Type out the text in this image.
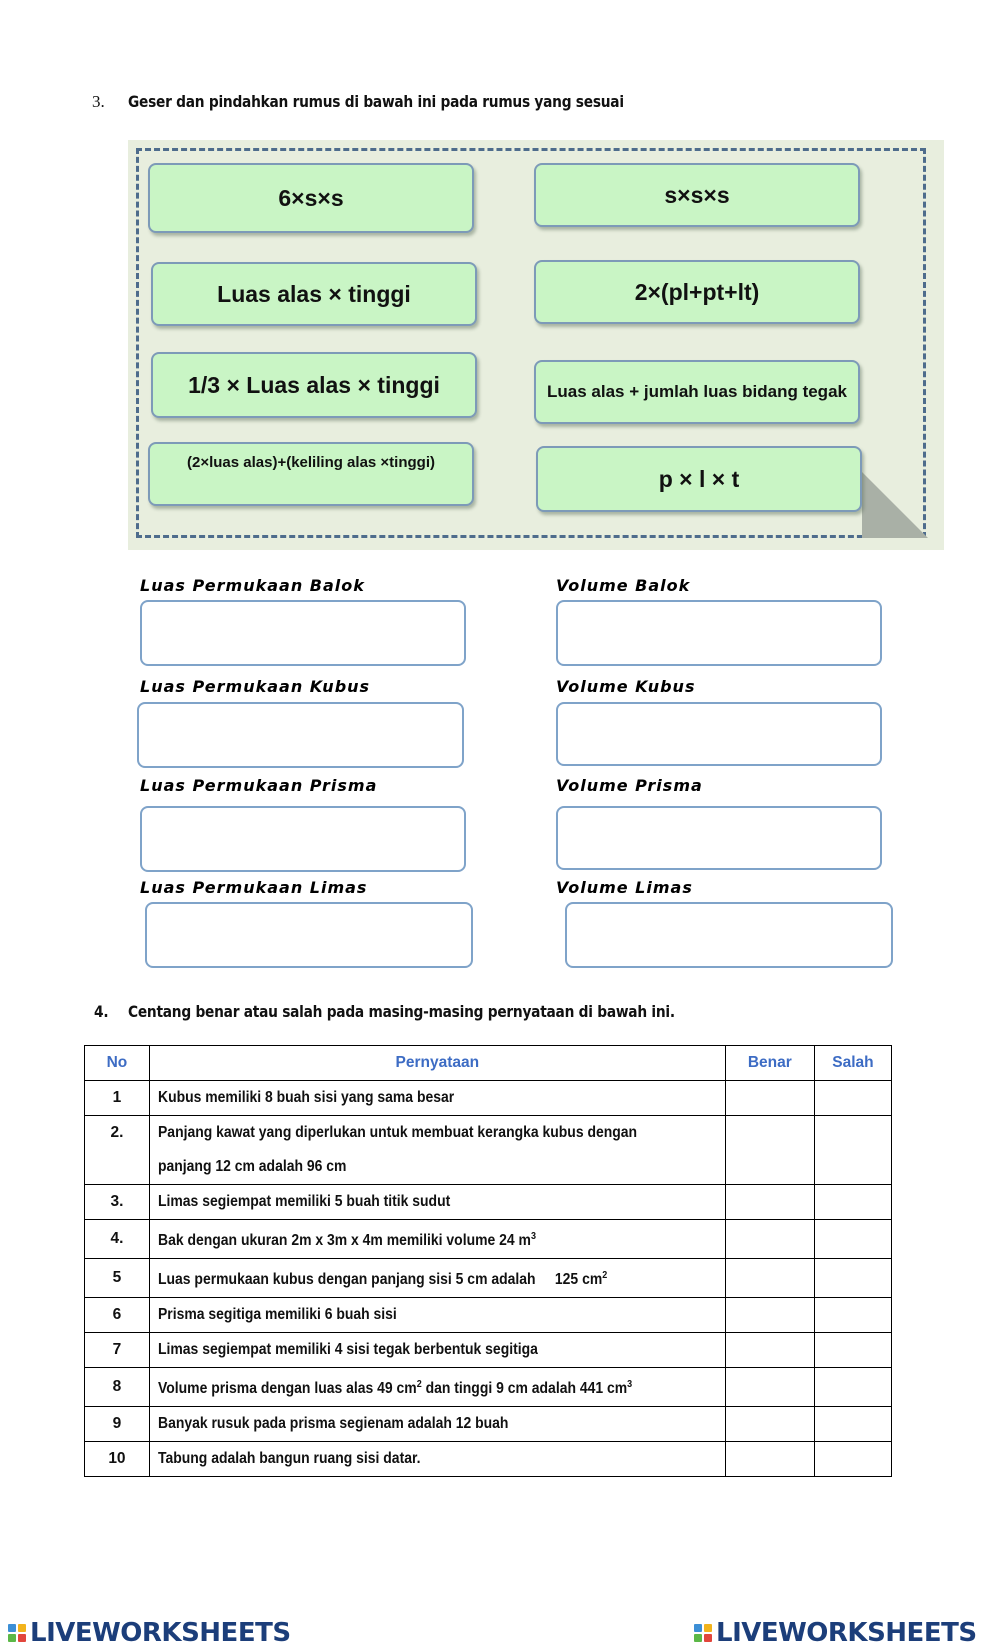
3. Geser dan pindahkan rumus di bawah ini pada rumus yang sesuai
6×s×s	s×s×s
Luas alas × tinggi	2×(pl+pt+lt)
1/3 × Luas alas × tinggi	Luas alas + jumlah luas bidang tegak
(2×luas alas)+(keliling alas ×tinggi)
p × l × t
Luas Permukaan Balok	Volume Balok
Luas Permukaan Kubus	Volume Kubus
Luas Permukaan Prisma	Volume Prisma
Luas Permukaan Limas	Volume Limas
4. Centang benar atau salah pada masing-masing pernyataan di bawah ini.
No	Pernyataan	Benar	Salah
1	Kubus memiliki 8 buah sisi yang sama besar		

2.	Panjang kawat yang diperlukan untuk membuat kerangka kubus dengan
panjang 12 cm adalah 96 cm		

3.	Limas segiempat memiliki 5 buah titik sudut		

4.	Bak dengan ukuran 2m x 3m x 4m memiliki volume 24 $m^3$

5	Luas permukaan kubus dengan panjang sisi 5 cm adalah     125 $cm^2$

6	Prisma segitiga memiliki 6 buah sisi		

7	Limas segiempat memiliki 4 sisi tegak berbentuk segitiga		

8	Volume prisma dengan luas alas 49 $cm^2$ dan tinggi 9 cm adalah 441 $cm^3$

9	Banyak rusuk pada prisma segienam adalah 12 buah		

10	Tabung adalah bangun ruang sisi datar.		

LIVEWORKSHEETS	LIVEWORKSHEETS
